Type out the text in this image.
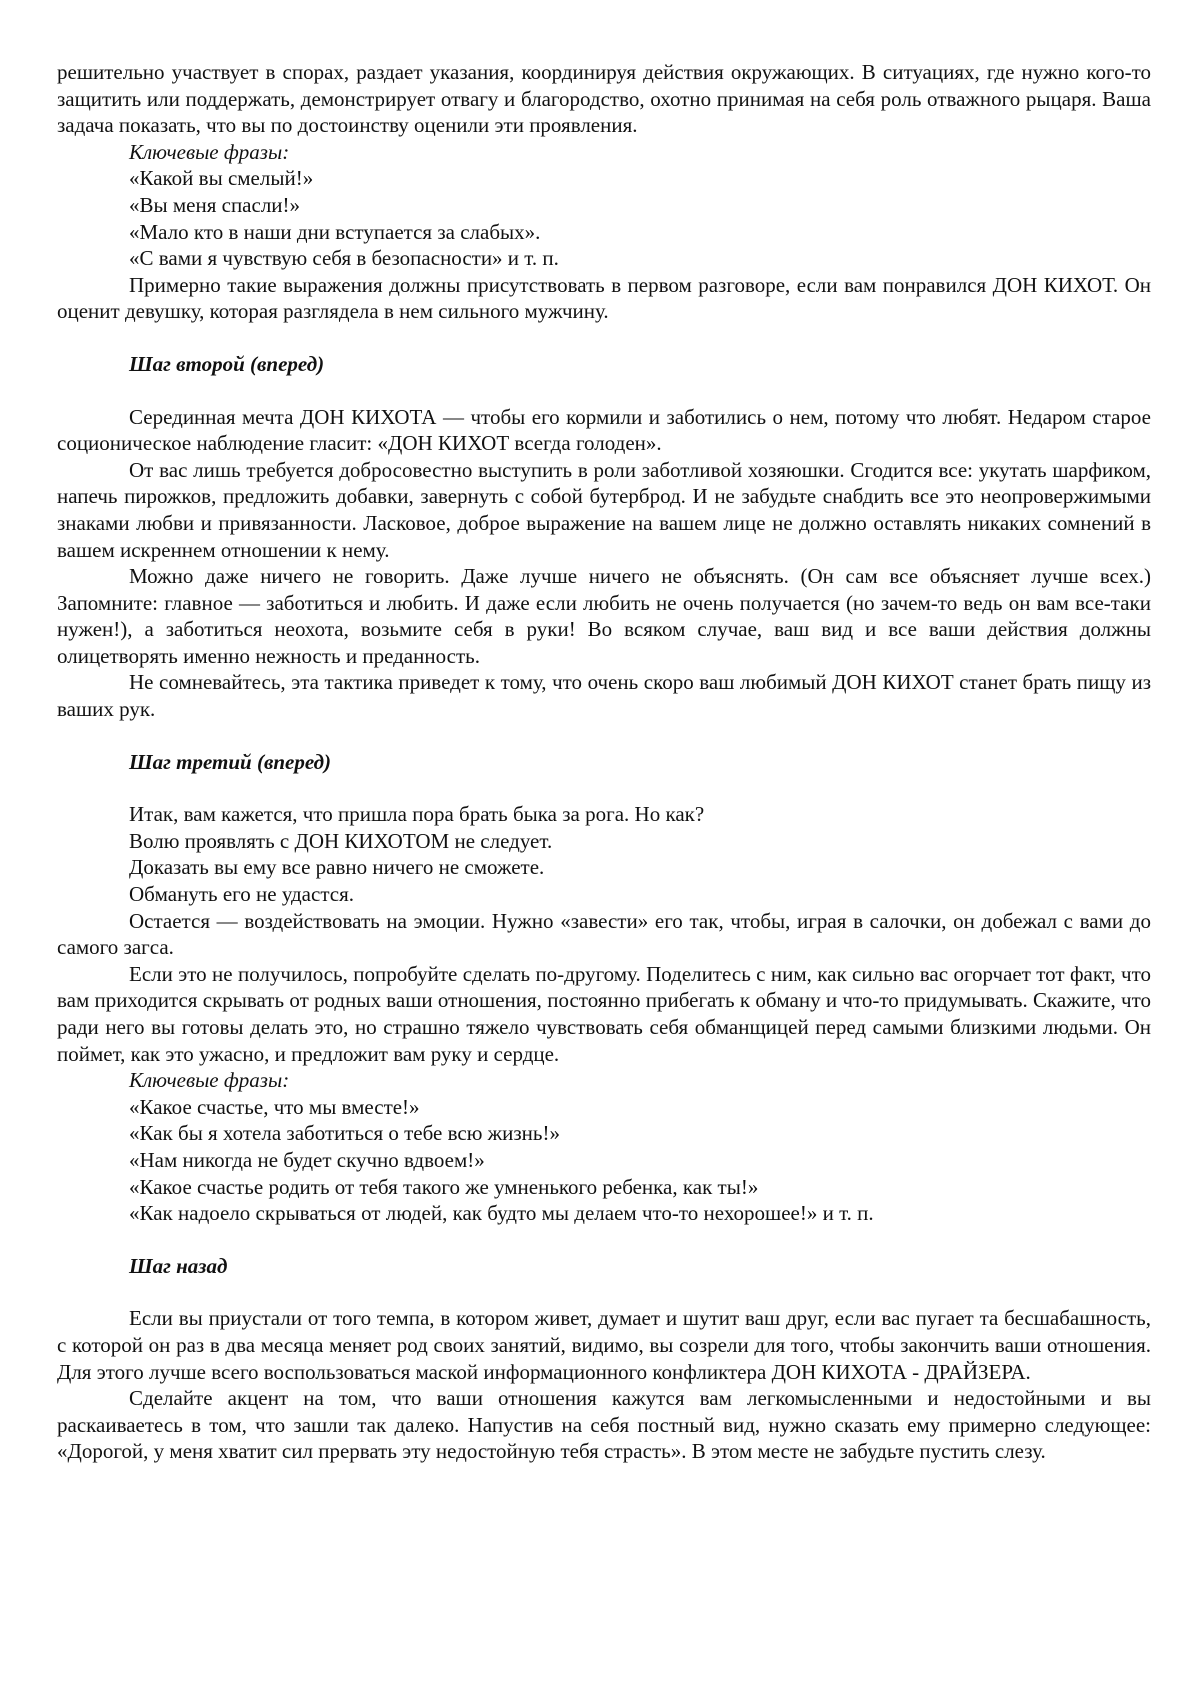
решительно участвует в спорах, раздает указания, координируя действия окружающих. В ситуациях, где нужно кого-то защитить или поддержать, демонстрирует отвагу и благородство, охотно принимая на себя роль отважного рыцаря. Ваша задача показать, что вы по достоинству оценили эти проявления.

Ключевые фразы:

«Какой вы смелый!»

«Вы меня спасли!»

«Мало кто в наши дни вступается за слабых».

«С вами я чувствую себя в безопасности» и т. п.

Примерно такие выражения должны присутствовать в первом разговоре, если вам понравился ДОН КИХОТ. Он оценит девушку, которая разглядела в нем сильного мужчину.

Шаг второй (вперед)

Серединная мечта ДОН КИХОТА — чтобы его кормили и заботились о нем, потому что любят. Недаром старое соционическое наблюдение гласит: «ДОН КИХОТ всегда голоден».

От вас лишь требуется добросовестно выступить в роли заботливой хозяюшки. Сгодится все: укутать шарфиком, напечь пирожков, предложить добавки, завернуть с собой бутерброд. И не забудьте снабдить все это неопровержимыми знаками любви и привязанности. Ласковое, доброе выражение на вашем лице не должно оставлять никаких сомнений в вашем искреннем отношении к нему.

Можно даже ничего не говорить. Даже лучше ничего не объяснять. (Он сам все объясняет лучше всех.) Запомните: главное — заботиться и любить. И даже если любить не очень получается (но зачем-то ведь он вам все-таки нужен!), а заботиться неохота, возьмите себя в руки! Во всяком случае, ваш вид и все ваши действия должны олицетворять именно нежность и преданность.

Не сомневайтесь, эта тактика приведет к тому, что очень скоро ваш любимый ДОН КИХОТ станет брать пищу из ваших рук.

Шаг третий (вперед)

Итак, вам кажется, что пришла пора брать быка за рога. Но как?

Волю проявлять с ДОН КИХОТОМ не следует.

Доказать вы ему все равно ничего не сможете.

Обмануть его не удастся.

Остается — воздействовать на эмоции. Нужно «завести» его так, чтобы, играя в салочки, он добежал с вами до самого загса.

Если это не получилось, попробуйте сделать по-другому. Поделитесь с ним, как сильно вас огорчает тот факт, что вам приходится скрывать от родных ваши отношения, постоянно прибегать к обману и что-то придумывать. Скажите, что ради него вы готовы делать это, но страшно тяжело чувствовать себя обманщицей перед самыми близкими людьми. Он поймет, как это ужасно, и предложит вам руку и сердце.

Ключевые фразы:

«Какое счастье, что мы вместе!»

«Как бы я хотела заботиться о тебе всю жизнь!»

«Нам никогда не будет скучно вдвоем!»

«Какое счастье родить от тебя такого же умненького ребенка, как ты!»

«Как надоело скрываться от людей, как будто мы делаем что-то нехорошее!» и т. п.

Шаг назад

Если вы приустали от того темпа, в котором живет, думает и шутит ваш друг, если вас пугает та бесшабашность, с которой он раз в два месяца меняет род своих занятий, видимо, вы созрели для того, чтобы закончить ваши отношения. Для этого лучше всего воспользоваться маской информационного конфликтера ДОН КИХОТА - ДРАЙЗЕРА.

Сделайте акцент на том, что ваши отношения кажутся вам легкомысленными и недостойными и вы раскаиваетесь в том, что зашли так далеко. Напустив на себя постный вид, нужно сказать ему примерно следующее: «Дорогой, у меня хватит сил прервать эту недостойную тебя страсть». В этом месте не забудьте пустить слезу.
